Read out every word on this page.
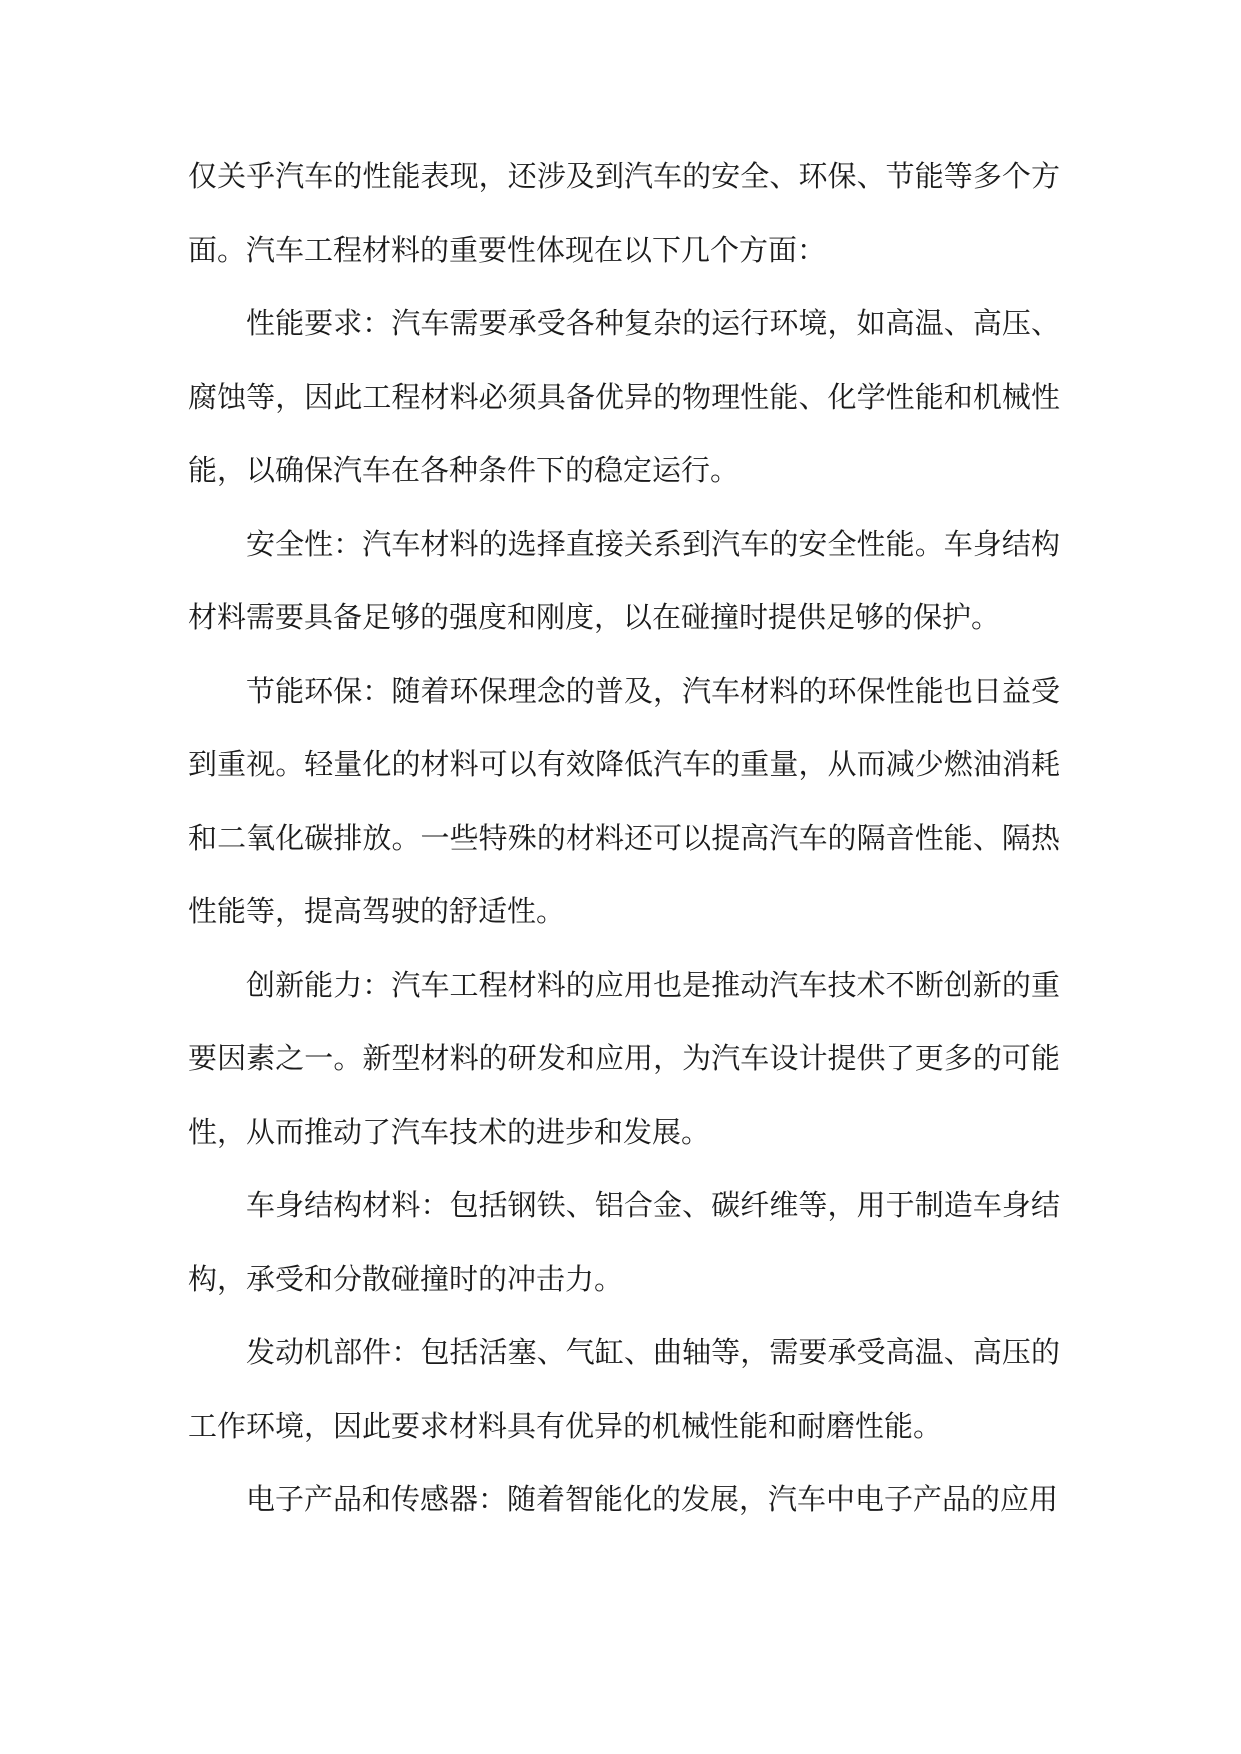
仅关乎汽车的性能表现，还涉及到汽车的安全、环保、节能等多个方面。汽车工程材料的重要性体现在以下几个方面：

性能要求：汽车需要承受各种复杂的运行环境，如高温、高压、腐蚀等，因此工程材料必须具备优异的物理性能、化学性能和机械性能，以确保汽车在各种条件下的稳定运行。

安全性：汽车材料的选择直接关系到汽车的安全性能。车身结构材料需要具备足够的强度和刚度，以在碰撞时提供足够的保护。

节能环保：随着环保理念的普及，汽车材料的环保性能也日益受到重视。轻量化的材料可以有效降低汽车的重量，从而减少燃油消耗和二氧化碳排放。一些特殊的材料还可以提高汽车的隔音性能、隔热性能等，提高驾驶的舒适性。

创新能力：汽车工程材料的应用也是推动汽车技术不断创新的重要因素之一。新型材料的研发和应用，为汽车设计提供了更多的可能性，从而推动了汽车技术的进步和发展。

车身结构材料：包括钢铁、铝合金、碳纤维等，用于制造车身结构，承受和分散碰撞时的冲击力。

发动机部件：包括活塞、气缸、曲轴等，需要承受高温、高压的工作环境，因此要求材料具有优异的机械性能和耐磨性能。

电子产品和传感器：随着智能化的发展，汽车中电子产品的应用
